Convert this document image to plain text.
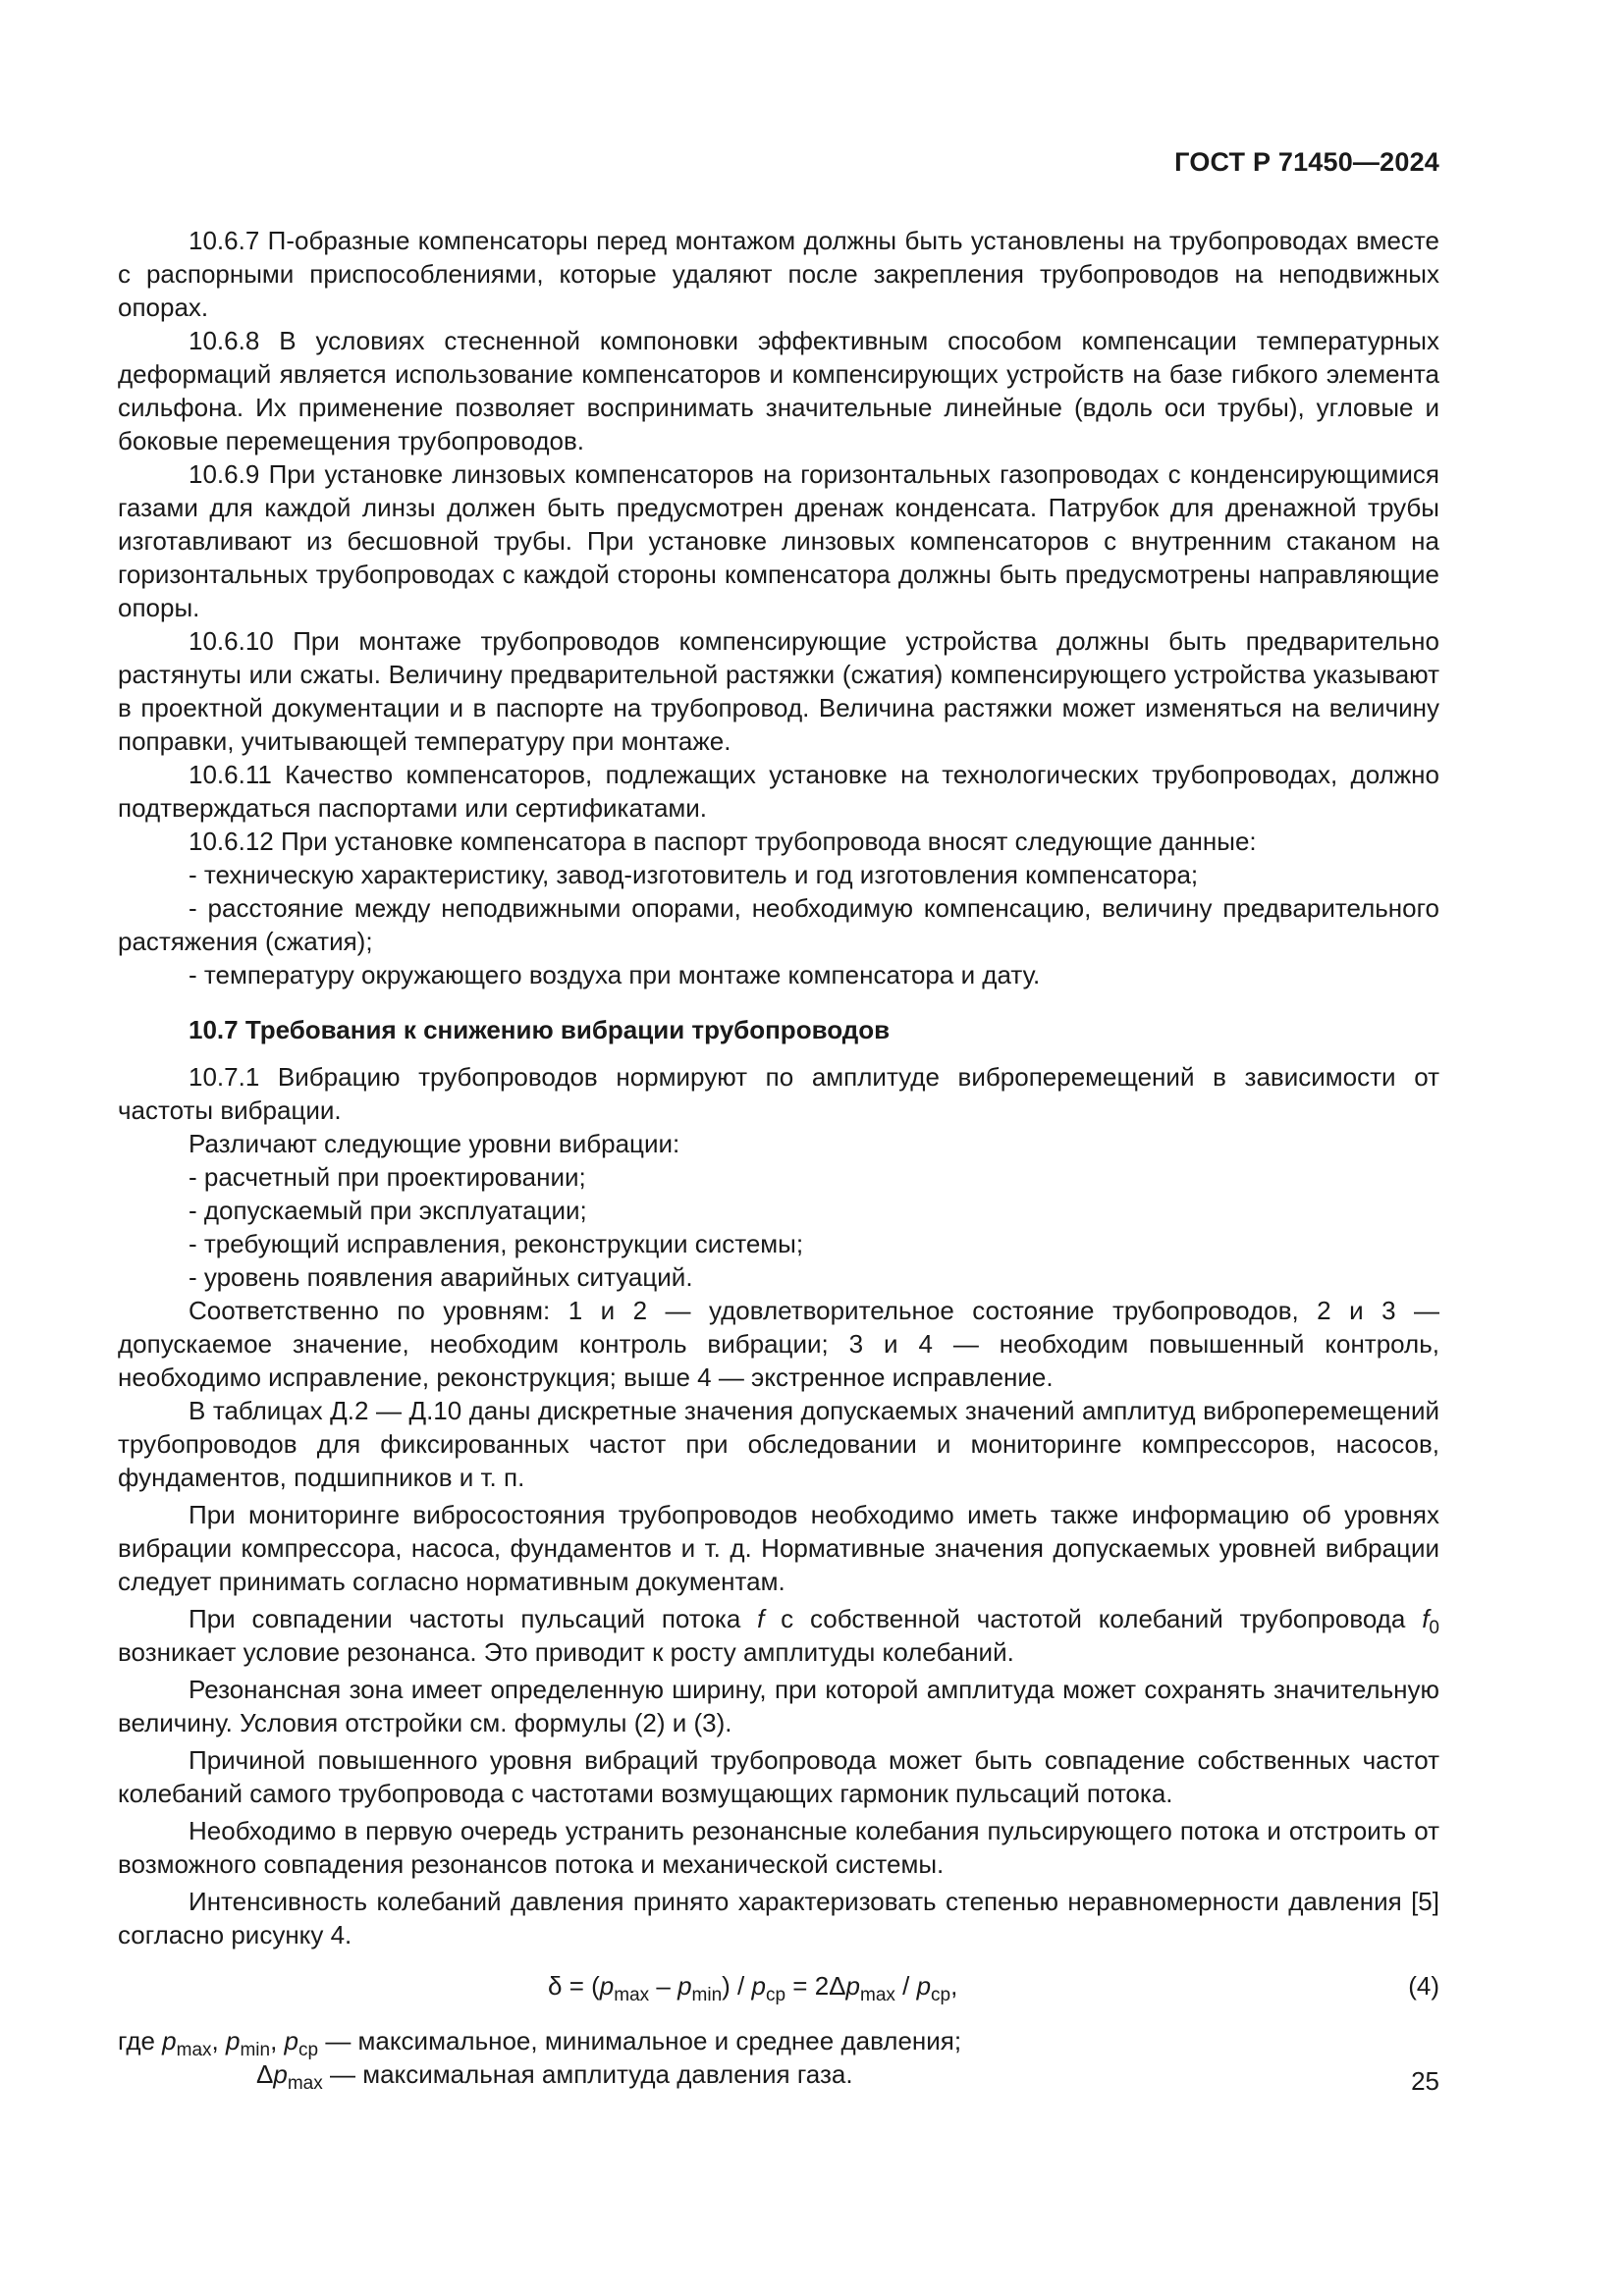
ГОСТ Р 71450—2024

10.6.7 П-образные компенсаторы перед монтажом должны быть установлены на трубопроводах вместе с распорными приспособлениями, которые удаляют после закрепления трубопроводов на неподвижных опорах.

10.6.8 В условиях стесненной компоновки эффективным способом компенсации температурных деформаций является использование компенсаторов и компенсирующих устройств на базе гибкого элемента сильфона. Их применение позволяет воспринимать значительные линейные (вдоль оси трубы), угловые и боковые перемещения трубопроводов.

10.6.9 При установке линзовых компенсаторов на горизонтальных газопроводах с конденсирующимися газами для каждой линзы должен быть предусмотрен дренаж конденсата. Патрубок для дренажной трубы изготавливают из бесшовной трубы. При установке линзовых компенсаторов с внутренним стаканом на горизонтальных трубопроводах с каждой стороны компенсатора должны быть предусмотрены направляющие опоры.

10.6.10 При монтаже трубопроводов компенсирующие устройства должны быть предварительно растянуты или сжаты. Величину предварительной растяжки (сжатия) компенсирующего устройства указывают в проектной документации и в паспорте на трубопровод. Величина растяжки может изменяться на величину поправки, учитывающей температуру при монтаже.

10.6.11 Качество компенсаторов, подлежащих установке на технологических трубопроводах, должно подтверждаться паспортами или сертификатами.

10.6.12 При установке компенсатора в паспорт трубопровода вносят следующие данные:

- техническую характеристику, завод-изготовитель и год изготовления компенсатора;

- расстояние между неподвижными опорами, необходимую компенсацию, величину предварительного растяжения (сжатия);

- температуру окружающего воздуха при монтаже компенсатора и дату.

10.7 Требования к снижению вибрации трубопроводов

10.7.1 Вибрацию трубопроводов нормируют по амплитуде виброперемещений в зависимости от частоты вибрации.

Различают следующие уровни вибрации:

- расчетный при проектировании;

- допускаемый при эксплуатации;

- требующий исправления, реконструкции системы;

- уровень появления аварийных ситуаций.

Соответственно по уровням: 1 и 2 — удовлетворительное состояние трубопроводов, 2 и 3 — допускаемое значение, необходим контроль вибрации; 3 и 4 — необходим повышенный контроль, необходимо исправление, реконструкция; выше 4 — экстренное исправление.

В таблицах Д.2 — Д.10 даны дискретные значения допускаемых значений амплитуд виброперемещений трубопроводов для фиксированных частот при обследовании и мониторинге компрессоров, насосов, фундаментов, подшипников и т. п.

При мониторинге вибросостояния трубопроводов необходимо иметь также информацию об уровнях вибрации компрессора, насоса, фундаментов и т. д. Нормативные значения допускаемых уровней вибрации следует принимать согласно нормативным документам.

При совпадении частоты пульсаций потока f с собственной частотой колебаний трубопровода $f_0$ возникает условие резонанса. Это приводит к росту амплитуды колебаний.

Резонансная зона имеет определенную ширину, при которой амплитуда может сохранять значительную величину. Условия отстройки см. формулы (2) и (3).

Причиной повышенного уровня вибраций трубопровода может быть совпадение собственных частот колебаний самого трубопровода с частотами возмущающих гармоник пульсаций потока.

Необходимо в первую очередь устранить резонансные колебания пульсирующего потока и отстроить от возможного совпадения резонансов потока и механической системы.

Интенсивность колебаний давления принято характеризовать степенью неравномерности давления [5] согласно рисунку 4.

$\delta = (p_{max} - p_{min}) / p_{ср} = 2\Delta p_{max} / p_{ср}$,	(4)
где $p_{max}$, $p_{min}$, $p_{ср}$ — максимальное, минимальное и среднее давления;
$\Delta p_{max}$ — максимальная амплитуда давления газа.	25
